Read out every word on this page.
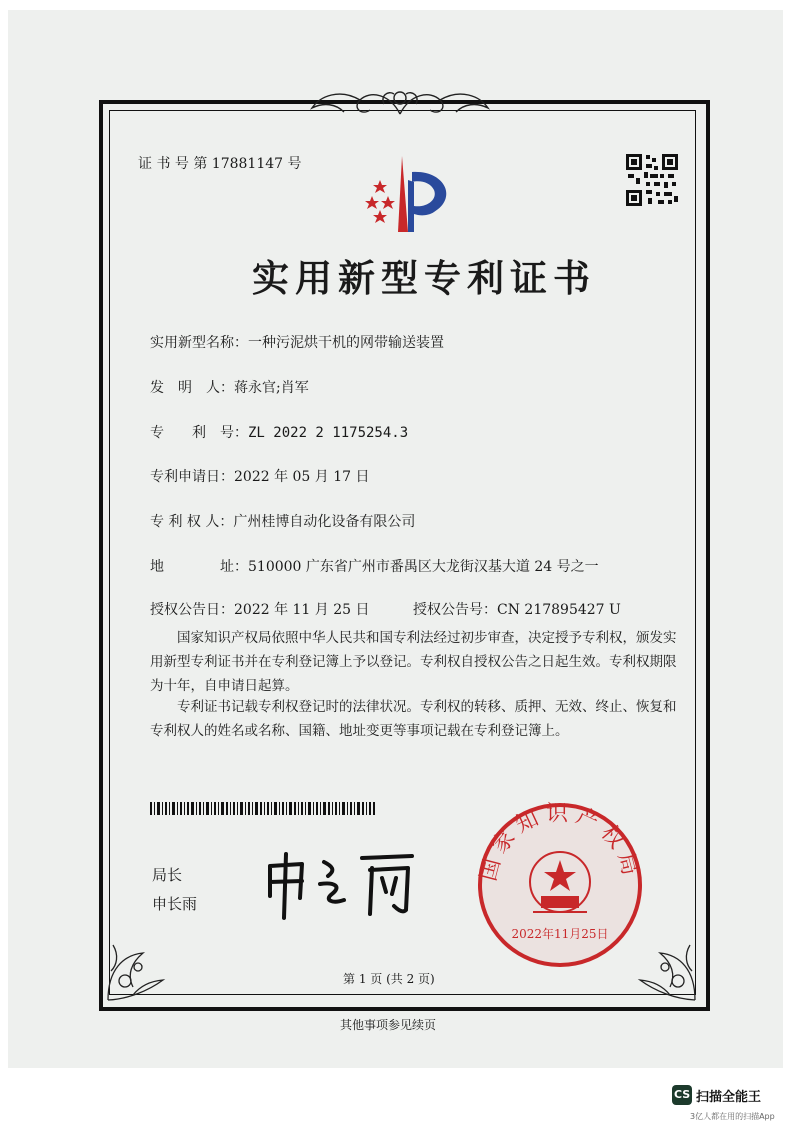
证 书 号 第 17881147 号
实用新型专利证书
实用新型名称：一种污泥烘干机的网带输送装置
发　明　人：蒋永官;肖军
专　　利　号：ZL 2022 2 1175254.3
专利申请日：2022 年 05 月 17 日
专 利 权 人：广州桂博自动化设备有限公司
地　　　　址：510000 广东省广州市番禺区大龙街汉基大道 24 号之一
授权公告日：2022 年 11 月 25 日	授权公告号：CN 217895427 U
国家知识产权局依照中华人民共和国专利法经过初步审查，决定授予专利权，颁发实用新型专利证书并在专利登记簿上予以登记。专利权自授权公告之日起生效。专利权期限为十年，自申请日起算。
专利证书记载专利权登记时的法律状况。专利权的转移、质押、无效、终止、恢复和专利权人的姓名或名称、国籍、地址变更等事项记载在专利登记簿上。
局长
申长雨
国家知识产权局
2022年11月25日
第 1 页 (共 2 页)
其他事项参见续页
CS 扫描全能王
3亿人都在用的扫描App
